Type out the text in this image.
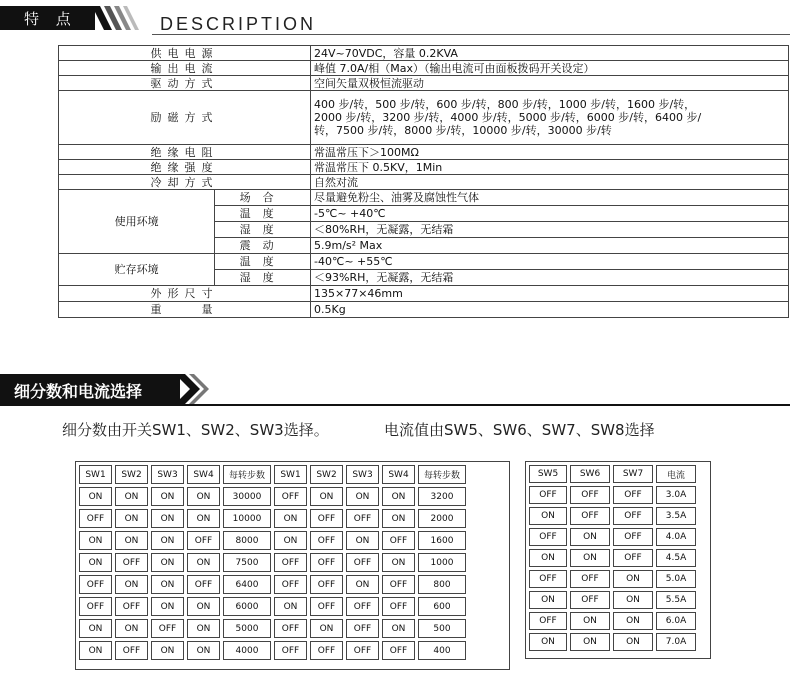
特 点	DESCRIPTION
供电电源		24V~70VDC，容量 0.2KVA
输出电流		峰值 7.0A/相（Max）（输出电流可由面板拨码开关设定）
驱动方式		空间矢量双极恒流驱动
励磁方式		400 步/转，500 步/转，600 步/转，800 步/转，1000 步/转，1600 步/转，2000 步/转，3200 步/转，4000 步/转，5000 步/转，6000 步/转，6400 步/转，7500 步/转，8000 步/转，10000 步/转，30000 步/转
绝缘电阻		常温常压下＞100MΩ
绝缘强度		常温常压下 0.5KV，1Min
冷却方式		自然对流
使用环境	场合	尽量避免粉尘、油雾及腐蚀性气体
	温度	-5℃~ +40℃
	湿度	＜80%RH，无凝露，无结霜
	震动	5.9m/s² Max
贮存环境	温度	-40℃~ +55℃
	湿度	＜93%RH，无凝露，无结霜
外形尺寸		135×77×46mm
重　　量		0.5Kg
细分数和电流选择
细分数由开关SW1、SW2、SW3选择。	电流值由SW5、SW6、SW7、SW8选择
SW1	SW2	SW3	SW4	每转步数	SW1	SW2	SW3	SW4	每转步数
ON	ON	ON	ON	30000	OFF	ON	ON	ON	3200
OFF	ON	ON	ON	10000	ON	OFF	OFF	ON	2000
ON	ON	ON	OFF	8000	ON	OFF	ON	OFF	1600
ON	OFF	ON	ON	7500	OFF	OFF	OFF	ON	1000
OFF	ON	ON	OFF	6400	OFF	OFF	ON	OFF	800
OFF	OFF	ON	ON	6000	ON	OFF	OFF	OFF	600
ON	ON	OFF	ON	5000	OFF	ON	OFF	ON	500
ON	OFF	ON	ON	4000	OFF	OFF	OFF	OFF	400
SW5	SW6	SW7	电流
OFF	OFF	OFF	3.0A
ON	OFF	OFF	3.5A
OFF	ON	OFF	4.0A
ON	ON	OFF	4.5A
OFF	OFF	ON	5.0A
ON	OFF	ON	5.5A
OFF	ON	ON	6.0A
ON	ON	ON	7.0A
